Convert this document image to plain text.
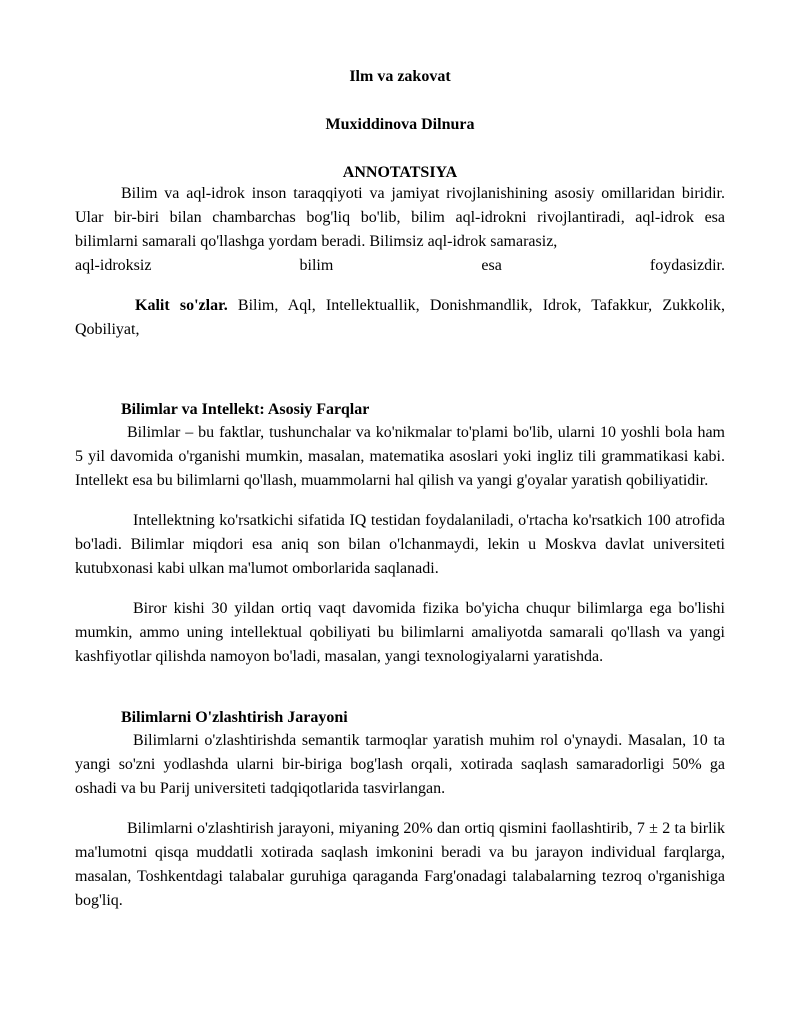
Ilm va zakovat
Muxiddinova Dilnura
ANNOTATSIYA

Bilim va aql-idrok inson taraqqiyoti va jamiyat rivojlanishining asosiy omillaridan biridir. Ular bir-biri bilan chambarchas bog'liq bo'lib, bilim aql-idrokni rivojlantiradi, aql-idrok esa bilimlarni samarali qo'llashga yordam beradi. Bilimsiz aql-idrok samarasiz,

aql-idroksiz bilim esa foydasizdir.

Kalit so'zlar. Bilim, Aql, Intellektuallik, Donishmandlik, Idrok, Tafakkur, Zukkolik, Qobiliyat,

Bilimlar va Intellekt: Asosiy Farqlar

Bilimlar – bu faktlar, tushunchalar va ko'nikmalar to'plami bo'lib, ularni 10 yoshli bola ham 5 yil davomida o'rganishi mumkin, masalan, matematika asoslari yoki ingliz tili grammatikasi kabi. Intellekt esa bu bilimlarni qo'llash, muammolarni hal qilish va yangi g'oyalar yaratish qobiliyatidir.

Intellektning ko'rsatkichi sifatida IQ testidan foydalaniladi, o'rtacha ko'rsatkich 100 atrofida bo'ladi. Bilimlar miqdori esa aniq son bilan o'lchanmaydi, lekin u Moskva davlat universiteti kutubxonasi kabi ulkan ma'lumot omborlarida saqlanadi.

Biror kishi 30 yildan ortiq vaqt davomida fizika bo'yicha chuqur bilimlarga ega bo'lishi mumkin, ammo uning intellektual qobiliyati bu bilimlarni amaliyotda samarali qo'llash va yangi kashfiyotlar qilishda namoyon bo'ladi, masalan, yangi texnologiyalarni yaratishda.

Bilimlarni O'zlashtirish Jarayoni

Bilimlarni o'zlashtirishda semantik tarmoqlar yaratish muhim rol o'ynaydi. Masalan, 10 ta yangi so'zni yodlashda ularni bir-biriga bog'lash orqali, xotirada saqlash samaradorligi 50% ga oshadi va bu Parij universiteti tadqiqotlarida tasvirlangan.

Bilimlarni o'zlashtirish jarayoni, miyaning 20% dan ortiq qismini faollashtirib, 7 ± 2 ta birlik ma'lumotni qisqa muddatli xotirada saqlash imkonini beradi va bu jarayon individual farqlarga, masalan, Toshkentdagi talabalar guruhiga qaraganda Farg'onadagi talabalarning tezroq o'rganishiga bog'liq.
